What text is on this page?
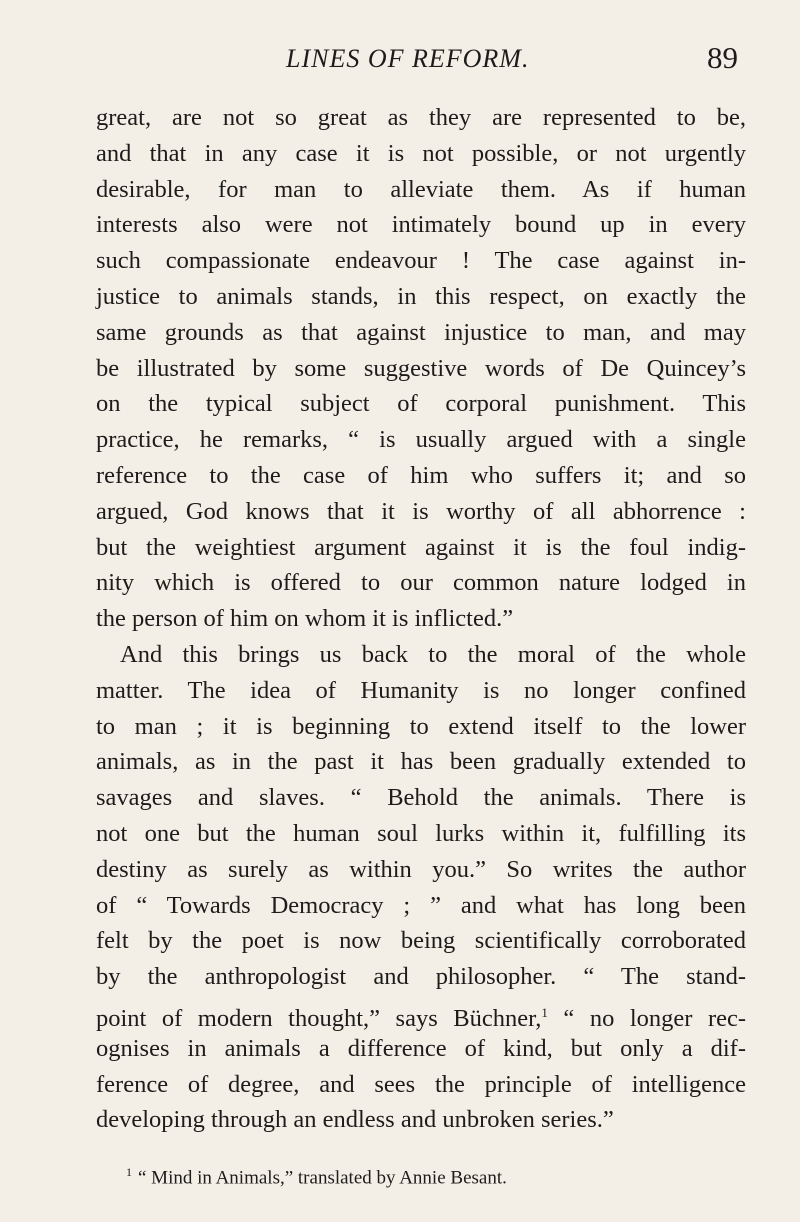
LINES OF REFORM.	89
great, are not so great as they are represented to be,
and that in any case it is not possible, or not urgently
desirable, for man to alleviate them. As if human
interests also were not intimately bound up in every
such compassionate endeavour ! The case against in-
justice to animals stands, in this respect, on exactly the
same grounds as that against injustice to man, and may
be illustrated by some suggestive words of De Quincey’s
on the typical subject of corporal punishment. This
practice, he remarks, “ is usually argued with a single
reference to the case of him who suffers it; and so
argued, God knows that it is worthy of all abhorrence :
but the weightiest argument against it is the foul indig-
nity which is offered to our common nature lodged in
the person of him on whom it is inflicted.”
And this brings us back to the moral of the whole
matter. The idea of Humanity is no longer confined
to man ; it is beginning to extend itself to the lower
animals, as in the past it has been gradually extended to
savages and slaves. “ Behold the animals. There is
not one but the human soul lurks within it, fulfilling its
destiny as surely as within you.” So writes the author
of “ Towards Democracy ; ” and what has long been
felt by the poet is now being scientifically corroborated
by the anthropologist and philosopher. “ The stand-
point of modern thought,” says Büchner,$^1$ “ no longer rec-
ognises in animals a difference of kind, but only a dif-
ference of degree, and sees the principle of intelligence
developing through an endless and unbroken series.”
$^1$ “ Mind in Animals,” translated by Annie Besant.
